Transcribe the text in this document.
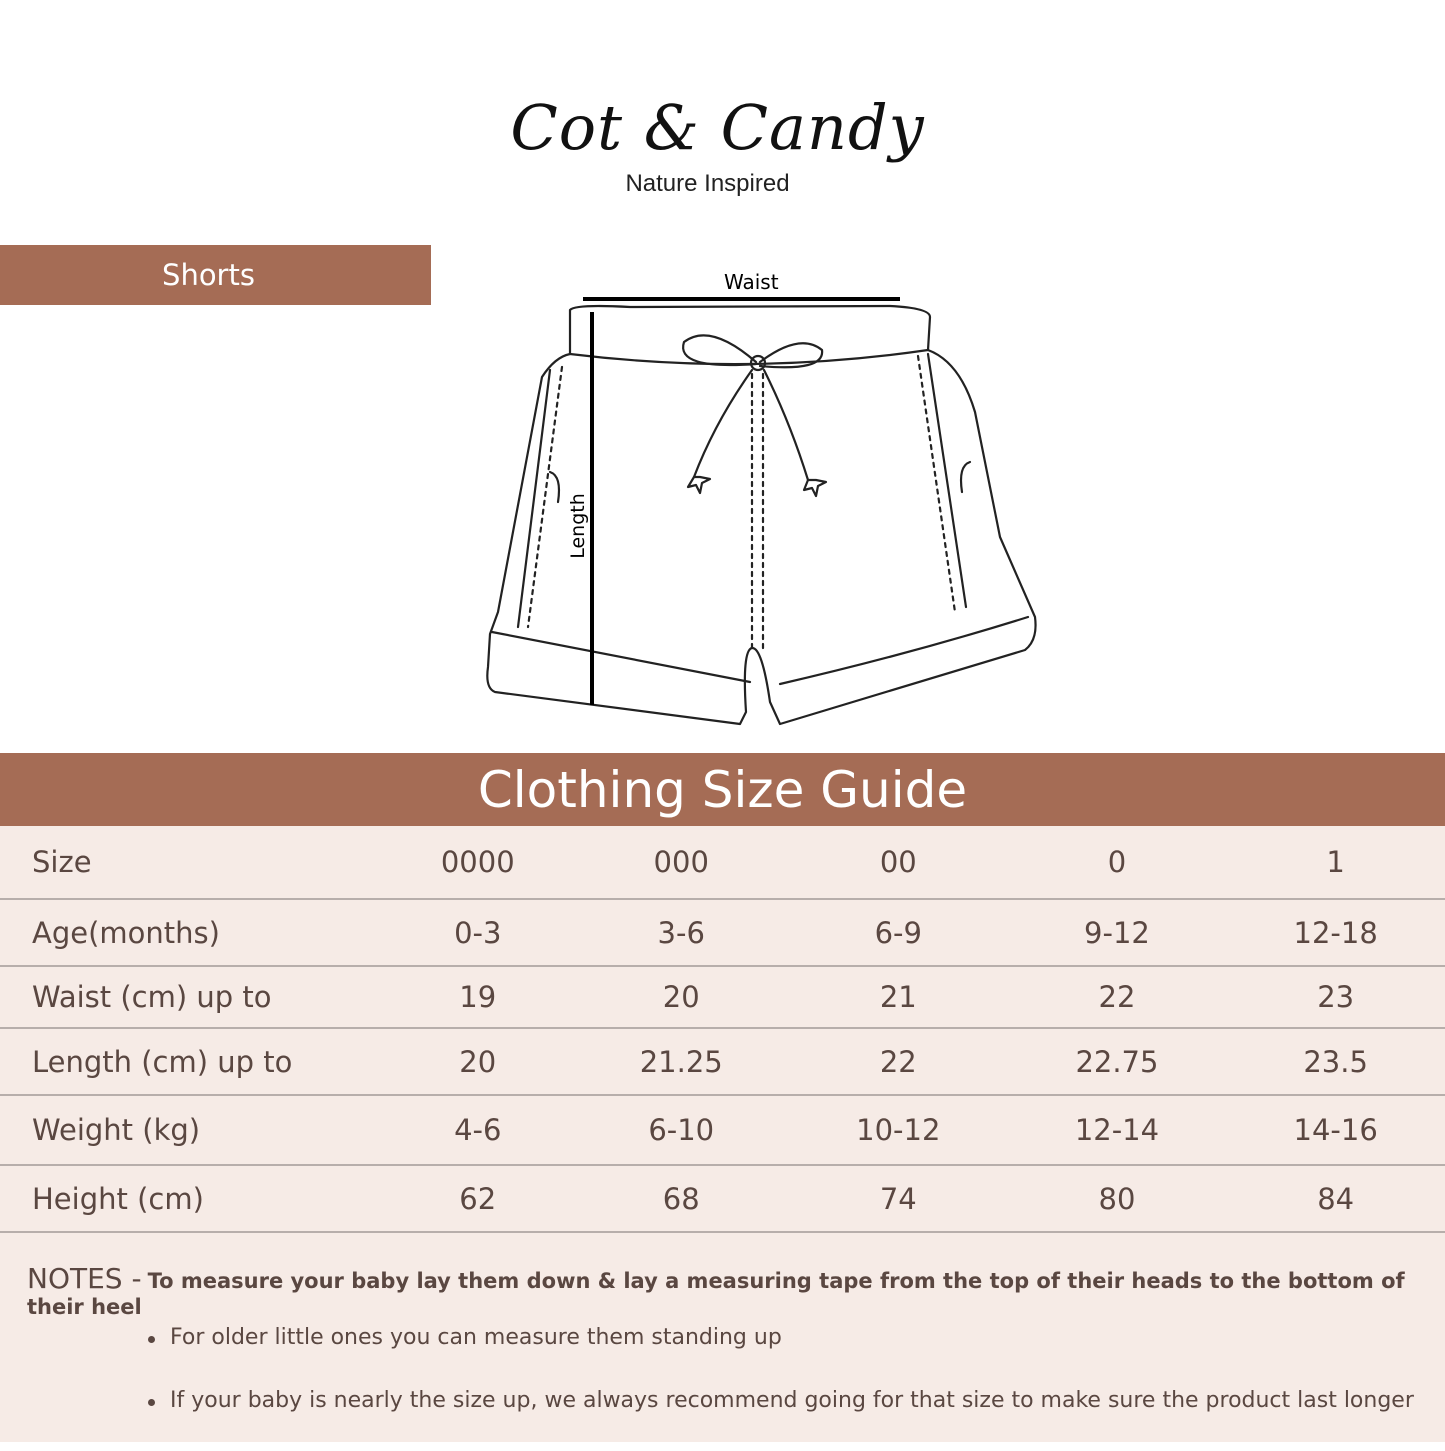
Cot & Candy
Nature Inspired
Shorts	Waist
Length
Clothing Size Guide
Size	0000	000	00	0	1
Age(months)	0-3	3-6	6-9	9-12	12-18
Waist (cm) up to	19	20	21	22	23
Length (cm) up to	20	21.25	22	22.75	23.5
Weight (kg)	4-6	6-10	10-12	12-14	14-16
Height (cm)	62	68	74	80	84
NOTES - To measure your baby lay them down & lay a measuring tape from the top of their heads to the bottom of their heel
For older little ones you can measure them standing up
If your baby is nearly the size up, we always recommend going for that size to make sure the product last longer
